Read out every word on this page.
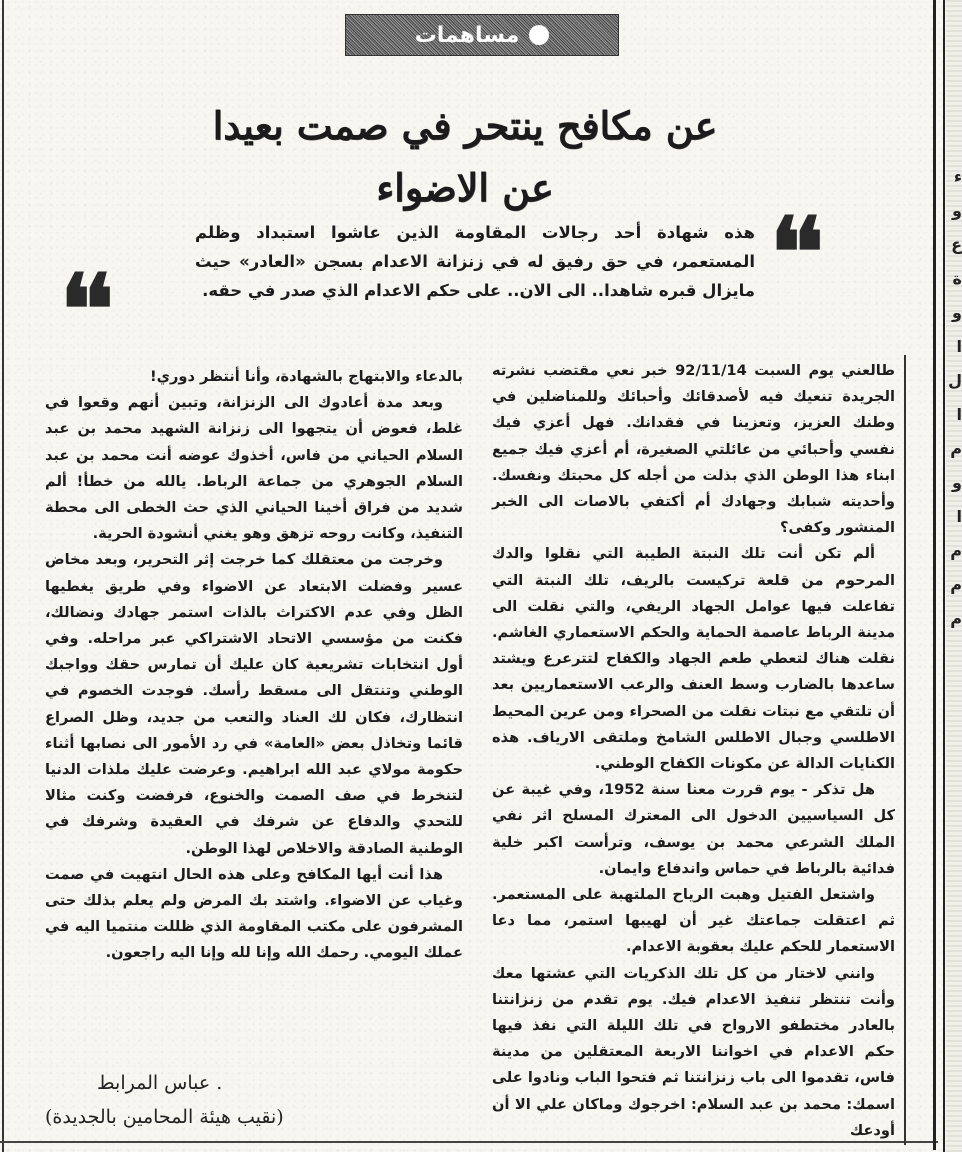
ء
و
ع
ة
و
ا
ل
ا
م
و
ا
م
م
م
مساهمات
عن مكافح ينتحر في صمت بعيدا
عن الاضواء
❛❛
❛❛
هذه شهادة أحد رجالات المقاومة الذين عاشوا استبداد وظلم المستعمر، في حق رفيق له في زنزانة الاعدام بسجن «العادر» حيث مايزال قبره شاهدا.. الى الان.. على حكم الاعدام الذي صدر في حقه.

طالعني يوم السبت 92/11/14 خبر نعي مقتضب نشرته الجريدة تنعيك فيه لأصدقائك وأحبائك وللمناضلين في وطنك العزيز، وتعزينا في فقدانك. فهل أعزي فيك نفسي وأحبائي من عائلتي الصغيرة، أم أعزي فيك جميع ابناء هذا الوطن الذي بذلت من أجله كل محبتك ونفسك. وأحديته شبابك وجهادك أم أكتفي بالاصات الى الخبر المنشور وكفى؟

ألم تكن أنت تلك النبتة الطيبة التي نقلوا والدك المرحوم من قلعة تركيست بالريف، تلك النبتة التي تفاعلت فيها عوامل الجهاد الريفي، والتي نقلت الى مدينة الرباط عاصمة الحماية والحكم الاستعماري الغاشم. نقلت هناك لتعطي طعم الجهاد والكفاح لتترعرع ويشتد ساعدها بالضارب وسط العنف والرعب الاستعماريين بعد أن تلتقي مع نبتات نقلت من الصحراء ومن عرين المحيط الاطلسي وجبال الاطلس الشامخ وملتقى الارياف. هذه الكنايات الدالة عن مكونات الكفاح الوطني.

هل تذكر - يوم قررت معنا سنة 1952، وفي غيبة عن كل السياسيين الدخول الى المعترك المسلح اثر نفي الملك الشرعي محمد بن يوسف، وترأست اكبر خلية فدائية بالرباط في حماس واندفاع وايمان.

واشتعل الفتيل وهبت الرياح الملتهبة على المستعمر. ثم اعتقلت جماعتك غير أن لهيبها استمر، مما دعا الاستعمار للحكم عليك بعقوبة الاعدام.

وانني لاختار من كل تلك الذكريات التي عشتها معك وأنت تنتظر تنفيذ الاعدام فيك. يوم تقدم من زنزانتنا بالعادر مختطفو الارواح في تلك الليلة التي نفذ فيها حكم الاعدام في اخواننا الاربعة المعتقلين من مدينة فاس، تقدموا الى باب زنزانتنا ثم فتحوا الباب ونادوا على اسمك: محمد بن عبد السلام: اخرجوك وماكان علي الا أن أودعك

بالدعاء والابتهاج بالشهادة، وأنا أنتظر دوري!

وبعد مدة أعادوك الى الزنزانة، وتبين أنهم وقعوا في غلط، فعوض أن يتجهوا الى زنزانة الشهيد محمد بن عبد السلام الحياني من فاس، أخذوك عوضه أنت محمد بن عبد السلام الجوهري من جماعة الرباط. يالله من خطأ! ألم شديد من فراق أخينا الحياني الذي حث الخطى الى محطة التنفيذ، وكانت روحه تزهق وهو يغني أنشودة الحرية.

وخرجت من معتقلك كما خرجت إثر التحرير، وبعد مخاض عسير وفضلت الابتعاد عن الاضواء وفي طريق يغطيها الظل وفي عدم الاكتراث بالذات استمر جهادك ونضالك، فكنت من مؤسسي الاتحاد الاشتراكي عبر مراحله. وفي أول انتخابات تشريعية كان عليك أن تمارس حقك وواجبك الوطني وتنتقل الى مسقط رأسك. فوجدت الخصوم في انتظارك، فكان لك العناد والتعب من جديد، وظل الصراع قائما وتخاذل بعض «العامة» في رد الأمور الى نصابها أثناء حكومة مولاي عبد الله ابراهيم. وعرضت عليك ملذات الدنيا لتنخرط في صف الصمت والخنوع، فرفضت وكنت مثالا للتحدي والدفاع عن شرفك في العقيدة وشرفك في الوطنية الصادقة والاخلاص لهذا الوطن.

هذا أنت أيها المكافح وعلى هذه الحال انتهيت في صمت وغياب عن الاضواء. واشتد بك المرض ولم يعلم بذلك حتى المشرفون على مكتب المقاومة الذي ظللت منتميا اليه في عملك اليومي. رحمك الله وإنا لله وإنا اليه راجعون.

. عباس المرابط
(نقيب هيئة المحامين بالجديدة)
